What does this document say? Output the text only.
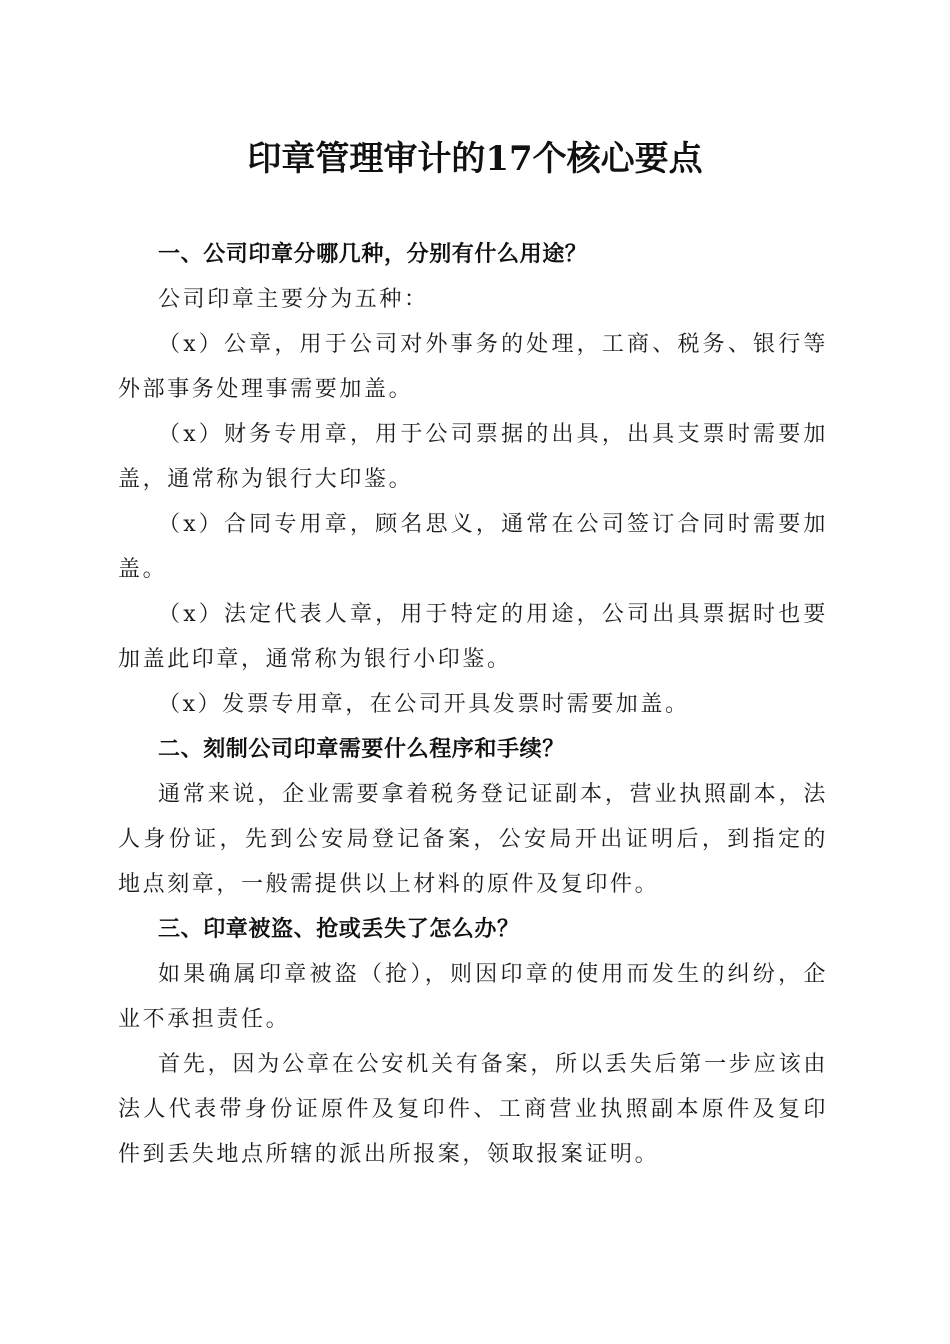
印章管理审计的17个核心要点

一、公司印章分哪几种，分别有什么用途？

公司印章主要分为五种：

（x）公章，用于公司对外事务的处理，工商、税务、银行等外部事务处理事需要加盖。

（x）财务专用章，用于公司票据的出具，出具支票时需要加盖，通常称为银行大印鉴。

（x）合同专用章，顾名思义，通常在公司签订合同时需要加盖。

（x）法定代表人章，用于特定的用途，公司出具票据时也要加盖此印章，通常称为银行小印鉴。

（x）发票专用章，在公司开具发票时需要加盖。

二、刻制公司印章需要什么程序和手续？

通常来说，企业需要拿着税务登记证副本，营业执照副本，法人身份证，先到公安局登记备案，公安局开出证明后，到指定的地点刻章，一般需提供以上材料的原件及复印件。

三、印章被盗、抢或丢失了怎么办？

如果确属印章被盗（抢），则因印章的使用而发生的纠纷，企业不承担责任。

首先，因为公章在公安机关有备案，所以丢失后第一步应该由法人代表带身份证原件及复印件、工商营业执照副本原件及复印件到丢失地点所辖的派出所报案，领取报案证明。
